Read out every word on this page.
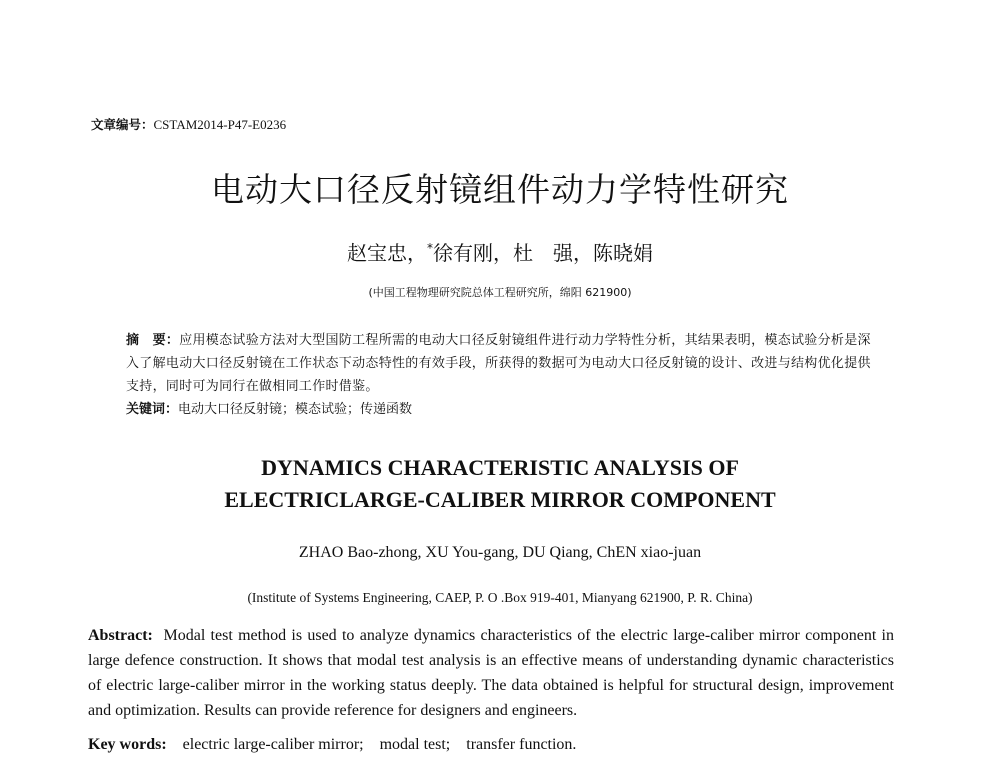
文章编号：CSTAM2014-P47-E0236
电动大口径反射镜组件动力学特性研究
赵宝忠，*徐有刚，杜　强，陈晓娟
(中国工程物理研究院总体工程研究所，绵阳 621900)
摘　要：应用模态试验方法对大型国防工程所需的电动大口径反射镜组件进行动力学特性分析，其结果表明，模态试验分析是深入了解电动大口径反射镜在工作状态下动态特性的有效手段，所获得的数据可为电动大口径反射镜的设计、改进与结构优化提供支持，同时可为同行在做相同工作时借鉴。
关键词：电动大口径反射镜；模态试验；传递函数
DYNAMICS CHARACTERISTIC ANALYSIS OF
ELECTRICLARGE-CALIBER MIRROR COMPONENT
ZHAO Bao-zhong, XU You-gang, DU Qiang, ChEN xiao-juan
(Institute of Systems Engineering, CAEP, P. O .Box 919-401, Mianyang 621900, P. R. China)
Abstract: Modal test method is used to analyze dynamics characteristics of the electric large-caliber mirror component in large defence construction. It shows that modal test analysis is an effective means of understanding dynamic characteristics of electric large-caliber mirror in the working status deeply. The data obtained is helpful for structural design, improvement and optimization. Results can provide reference for designers and engineers.
Key words: electric large-caliber mirror; modal test; transfer function.
